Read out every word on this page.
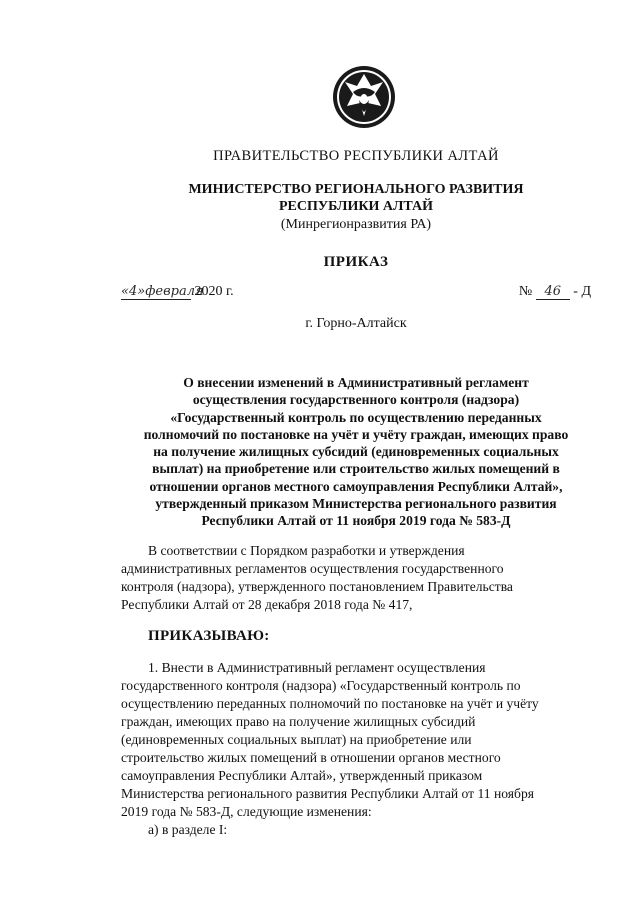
ПРАВИТЕЛЬСТВО РЕСПУБЛИКИ АЛТАЙ
МИНИСТЕРСТВО РЕГИОНАЛЬНОГО РАЗВИТИЯ
РЕСПУБЛИКИ АЛТАЙ
(Минрегионразвития РА)
ПРИКАЗ
«4»февраля 2020 г.	№ 46 - Д
г. Горно-Алтайск
О внесении изменений в Административный регламент
осуществления государственного контроля (надзора)
«Государственный контроль по осуществлению переданных
полномочий по постановке на учёт и учёту граждан, имеющих право
на получение жилищных субсидий (единовременных социальных
выплат) на приобретение или строительство жилых помещений в
отношении органов местного самоуправления Республики Алтай»,
утвержденный приказом Министерства регионального развития
Республики Алтай от 11 ноября 2019 года № 583-Д
В соответствии с Порядком разработки и утверждения
административных регламентов осуществления государственного
контроля (надзора), утвержденного постановлением Правительства
Республики Алтай от 28 декабря 2018 года № 417,
ПРИКАЗЫВАЮ:
1. Внести в Административный регламент осуществления
государственного контроля (надзора) «Государственный контроль по
осуществлению переданных полномочий по постановке на учёт и учёту
граждан, имеющих право на получение жилищных субсидий
(единовременных социальных выплат) на приобретение или
строительство жилых помещений в отношении органов местного
самоуправления Республики Алтай», утвержденный приказом
Министерства регионального развития Республики Алтай от 11 ноября
2019 года № 583-Д, следующие изменения:
а) в разделе I:
